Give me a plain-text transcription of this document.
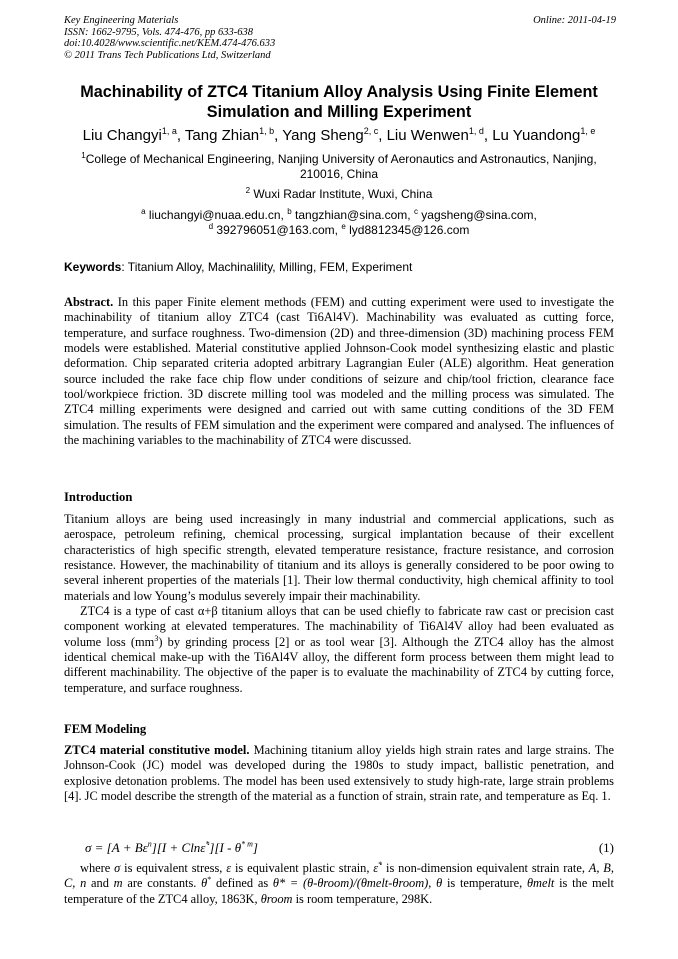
Key Engineering Materials
ISSN: 1662-9795, Vols. 474-476, pp 633-638
doi:10.4028/www.scientific.net/KEM.474-476.633
© 2011 Trans Tech Publications Ltd, Switzerland
Online: 2011-04-19
Machinability of ZTC4 Titanium Alloy Analysis Using Finite Element
Simulation and Milling Experiment
Liu Changyi$^{1, a}$, Tang Zhian$^{1, b}$, Yang Sheng$^{2, c}$, Liu Wenwen$^{1, d}$, Lu Yuandong$^{1, e}$
$^1$College of Mechanical Engineering, Nanjing University of Aeronautics and Astronautics, Nanjing,
210016, China
$^2$ Wuxi Radar Institute, Wuxi, China
$^a$ liuchangyi@nuaa.edu.cn, $^b$ tangzhian@sina.com, $^c$ yagsheng@sina.com,
$^d$ 392796051@163.com, $^e$ lyd8812345@126.com
Keywords: Titanium Alloy, Machinalility, Milling, FEM, Experiment
Abstract. In this paper Finite element methods (FEM) and cutting experiment were used to investigate the machinability of titanium alloy ZTC4 (cast Ti6Al4V). Machinability was evaluated as cutting force, temperature, and surface roughness. Two-dimension (2D) and three-dimension (3D) machining process FEM models were established. Material constitutive applied Johnson-Cook model synthesizing elastic and plastic deformation. Chip separated criteria adopted arbitrary Lagrangian Euler (ALE) algorithm. Heat generation source included the rake face chip flow under conditions of seizure and chip/tool friction, clearance face tool/workpiece friction. 3D discrete milling tool was modeled and the milling process was simulated. The ZTC4 milling experiments were designed and carried out with same cutting conditions of the 3D FEM simulation. The results of FEM simulation and the experiment were compared and analysed. The influences of the machining variables to the machinability of ZTC4 were discussed.
Introduction
Titanium alloys are being used increasingly in many industrial and commercial applications, such as aerospace, petroleum refining, chemical processing, surgical implantation because of their excellent characteristics of high specific strength, elevated temperature resistance, fracture resistance, and corrosion resistance. However, the machinability of titanium and its alloys is generally considered to be poor owing to several inherent properties of the materials [1]. Their low thermal conductivity, high chemical affinity to tool materials and low Young’s modulus severely impair their machinability.
ZTC4 is a type of cast α+β titanium alloys that can be used chiefly to fabricate raw cast or precision cast component working at elevated temperatures. The machinability of Ti6Al4V alloy had been evaluated as volume loss $(mm^3)$ by grinding process [2] or as tool wear [3]. Although the ZTC4 alloy has the almost identical chemical make-up with the Ti6Al4V alloy, the different form process between them might lead to different machinability. The objective of the paper is to evaluate the machinability of ZTC4 by cutting force, temperature, and surface roughness.
FEM Modeling
ZTC4 material constitutive model. Machining titanium alloy yields high strain rates and large strains. The Johnson-Cook (JC) model was developed during the 1980s to study impact, ballistic penetration, and explosive detonation problems. The model has been used extensively to study high-rate, large strain problems [4]. JC model describe the strength of the material as a function of strain, strain rate, and temperature as Eq. 1.
$\sigma = [A + B\varepsilon^n][I$ + Clnε̇*][I - $\theta^{* m}$]	(1)
where σ is equivalent stress, ε is equivalent plastic strain, ε̇* is non-dimension equivalent strain rate, A, B, C, n and m are constants. θ* defined as θ* = (θ-θroom)/(θmelt-θroom), θ is temperature, θmelt is the melt temperature of the ZTC4 alloy, 1863K, θroom is room temperature, 298K.
